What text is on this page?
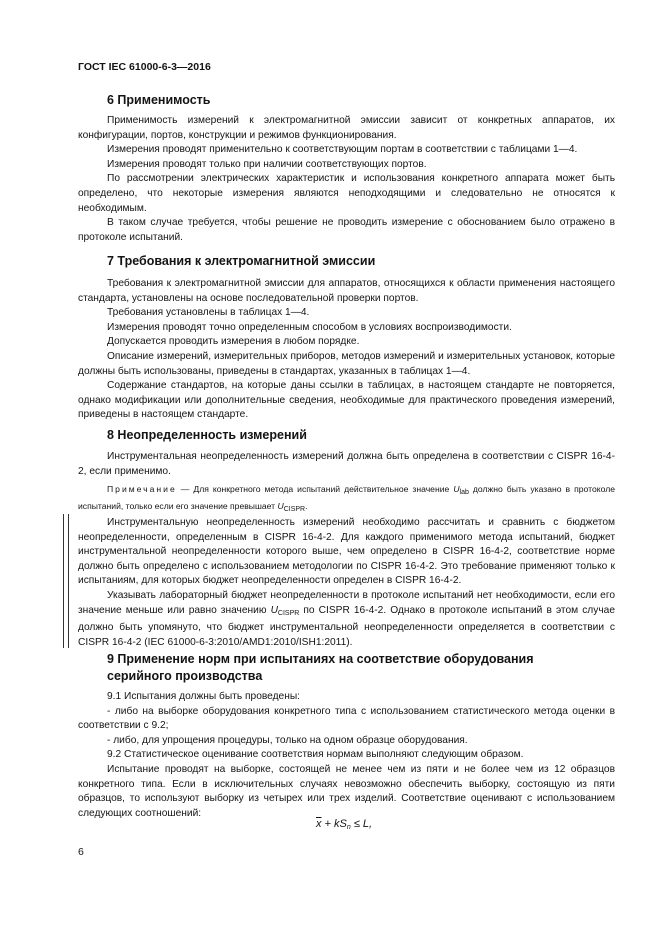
ГОСТ IEC 61000-6-3—2016
6 Применимость

Применимость измерений к электромагнитной эмиссии зависит от конкретных аппаратов, их конфигурации, портов, конструкции и режимов функционирования.

Измерения проводят применительно к соответствующим портам в соответствии с таблицами 1—4.

Измерения проводят только при наличии соответствующих портов.

По рассмотрении электрических характеристик и использования конкретного аппарата может быть определено, что некоторые измерения являются неподходящими и следовательно не относятся к необходимым.

В таком случае требуется, чтобы решение не проводить измерение с обоснованием было отражено в протоколе испытаний.

7 Требования к электромагнитной эмиссии

Требования к электромагнитной эмиссии для аппаратов, относящихся к области применения настоящего стандарта, установлены на основе последовательной проверки портов.

Требования установлены в таблицах 1—4.

Измерения проводят точно определенным способом в условиях воспроизводимости.

Допускается проводить измерения в любом порядке.

Описание измерений, измерительных приборов, методов измерений и измерительных установок, которые должны быть использованы, приведены в стандартах, указанных в таблицах 1—4.

Содержание стандартов, на которые даны ссылки в таблицах, в настоящем стандарте не повторяется, однако модификации или дополнительные сведения, необходимые для практического проведения измерений, приведены в настоящем стандарте.

8 Неопределенность измерений

Инструментальная неопределенность измерений должна быть определена в соответствии с CISPR 16-4-2, если применимо.

Примечание — Для конкретного метода испытаний действительное значение $U_{lab}$ должно быть указано в протоколе испытаний, только если его значение превышает $U_{CISPR}$.

Инструментальную неопределенность измерений необходимо рассчитать и сравнить с бюджетом неопределенности, определенным в CISPR 16-4-2. Для каждого применимого метода испытаний, бюджет инструментальной неопределенности которого выше, чем определено в CISPR 16-4-2, соответствие норме должно быть определено с использованием методологии по CISPR 16-4-2. Это требование применяют только к испытаниям, для которых бюджет неопределенности определен в CISPR 16-4-2.

Указывать лабораторный бюджет неопределенности в протоколе испытаний нет необходимости, если его значение меньше или равно значению $U_{CISPR}$ по CISPR 16-4-2. Однако в протоколе испытаний в этом случае должно быть упомянуто, что бюджет инструментальной неопределенности определяется в соответствии с CISPR 16-4-2 (IEC 61000-6-3:2010/AMD1:2010/ISH1:2011).

9 Применение норм при испытаниях на соответствие оборудования
серийного производства

9.1 Испытания должны быть проведены:

- либо на выборке оборудования конкретного типа с использованием статистического метода оценки в соответствии с 9.2;

- либо, для упрощения процедуры, только на одном образце оборудования.

9.2 Статистическое оценивание соответствия нормам выполняют следующим образом.

Испытание проводят на выборке, состоящей не менее чем из пяти и не более чем из 12 образцов конкретного типа. Если в исключительных случаях невозможно обеспечить выборку, состоящую из пяти образцов, то используют выборку из четырех или трех изделий. Соответствие оценивают с использованием следующих соотношений:

$\overline{x} + kS_n \le L$,
6
